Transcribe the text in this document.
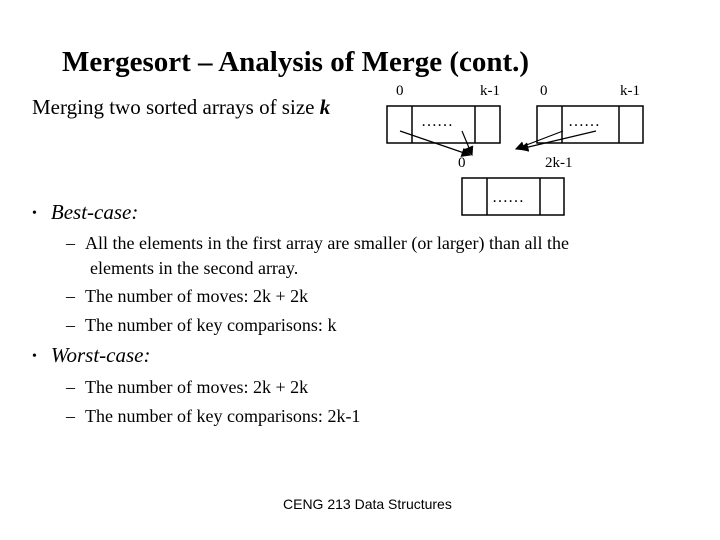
Mergesort – Analysis of Merge (cont.)
Merging two sorted arrays of size k
0	k-1
……
0	k-1
……
0	2k-1
……
• Best-case:
– All the elements in the first array are smaller (or larger) than all the
elements in the second array.
– The number of moves: 2k + 2k
– The number of key comparisons: k
• Worst-case:
– The number of moves: 2k + 2k
– The number of key comparisons: 2k-1
CENG 213 Data Structures
